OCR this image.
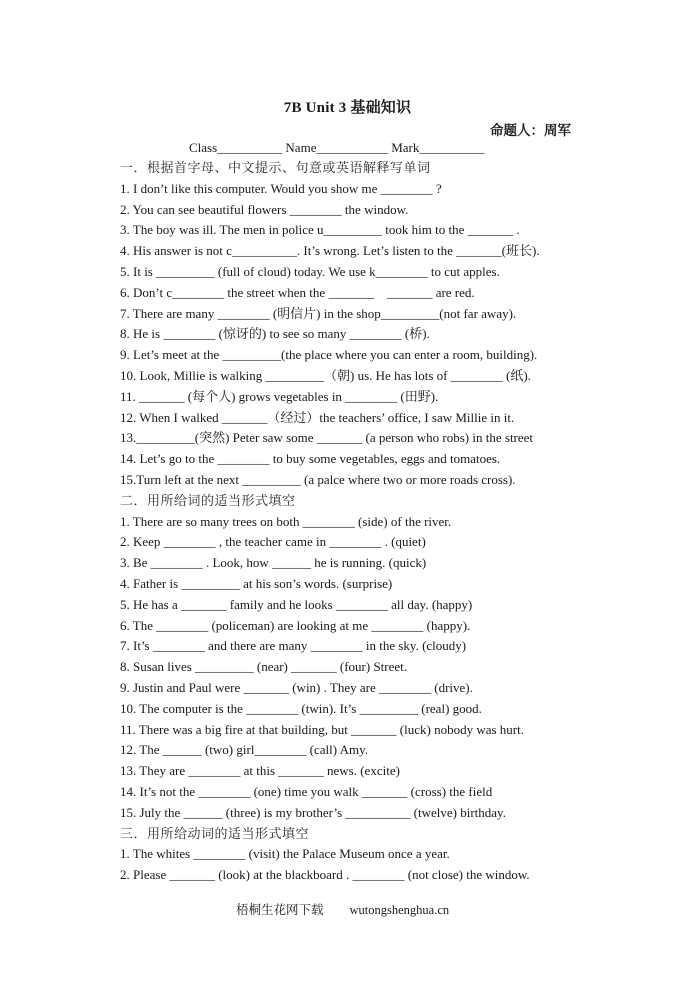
7B Unit 3 基础知识
命题人：周军
Class__________ Name___________ Mark__________
一．根据首字母、中文提示、句意或英语解释写单词
1. I don’t like this computer. Would you show me ________ ?
2. You can see beautiful flowers ________ the window.
3. The boy was ill. The men in police u_________ took him to the _______ .
4. His answer is not c__________. It’s wrong. Let’s listen to the _______(班长).
5. It is _________ (full of cloud) today. We use k________ to cut apples.
6. Don’t c________ the street when the _______    _______ are red.
7. There are many ________ (明信片) in the shop_________(not far away).
8. He is ________ (惊讶的) to see so many ________ (桥).
9. Let’s meet at the _________(the place where you can enter a room, building).
10. Look, Millie is walking _________（朝) us. He has lots of ________ (纸).
11. _______ (每个人) grows vegetables in ________ (田野).
12. When I walked _______（经过）the teachers’ office, I saw Millie in it.
13._________(突然) Peter saw some _______ (a person who robs) in the street
14. Let’s go to the ________ to buy some vegetables, eggs and tomatoes.
15.Turn left at the next _________ (a palce where two or more roads cross).
二．用所给词的适当形式填空
1. There are so many trees on both ________ (side) of the river.
2. Keep ________ , the teacher came in ________ . (quiet)
3. Be ________ . Look, how ______ he is running. (quick)
4. Father is _________ at his son’s words. (surprise)
5. He has a _______ family and he looks ________ all day. (happy)
6. The ________ (policeman) are looking at me ________ (happy).
7. It’s ________ and there are many ________ in the sky. (cloudy)
8. Susan lives _________ (near) _______ (four) Street.
9. Justin and Paul were _______ (win) . They are ________ (drive).
10. The computer is the ________ (twin). It’s _________ (real) good.
11. There was a big fire at that building, but _______ (luck) nobody was hurt.
12. The ______ (two) girl________ (call) Amy.
13. They are ________ at this _______ news. (excite)
14. It’s not the ________ (one) time you walk _______ (cross) the field
15. July the ______ (three) is my brother’s __________ (twelve) birthday.
三．用所给动词的适当形式填空
1. The whites ________ (visit) the Palace Museum once a year.
2. Please _______ (look) at the blackboard . ________ (not close) the window.
梧桐生花网下载 wutongshenghua.cn
